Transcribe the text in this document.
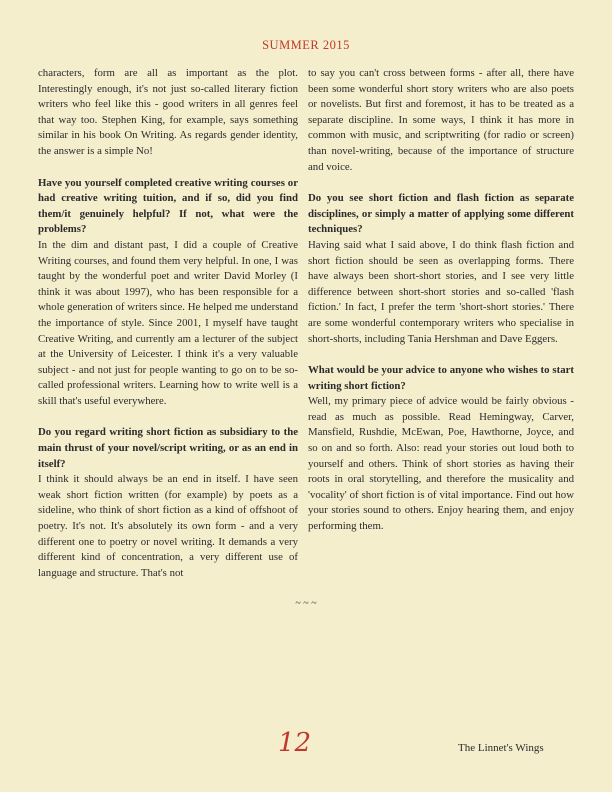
SUMMER 2015

characters, form are all as important as the plot. Interestingly enough, it's not just so-called literary fiction writers who feel like this - good writers in all genres feel that way too. Stephen King, for example, says something similar in his book On Writing. As regards gender identity, the answer is a simple No!

Have you yourself completed creative writing courses or had creative writing tuition, and if so, did you find them/it genuinely helpful? If not, what were the problems?

In the dim and distant past, I did a couple of Creative Writing courses, and found them very helpful. In one, I was taught by the wonderful poet and writer David Morley (I think it was about 1997), who has been responsible for a whole generation of writers since. He helped me understand the importance of style. Since 2001, I myself have taught Creative Writing, and currently am a lecturer of the subject at the University of Leicester. I think it's a very valuable subject - and not just for people wanting to go on to be so-called professional writers. Learning how to write well is a skill that's useful everywhere.

Do you regard writing short fiction as subsidiary to the main thrust of your novel/script writing, or as an end in itself?

I think it should always be an end in itself. I have seen weak short fiction written (for example) by poets as a sideline, who think of short fiction as a kind of offshoot of poetry. It's not. It's absolutely its own form - and a very different one to poetry or novel writing. It demands a very different kind of concentration, a very different use of language and structure. That's not

to say you can't cross between forms - after all, there have been some wonderful short story writers who are also poets or novelists. But first and foremost, it has to be treated as a separate discipline. In some ways, I think it has more in common with music, and scriptwriting (for radio or screen) than novel-writing, because of the importance of structure and voice.

Do you see short fiction and flash fiction as separate disciplines, or simply a matter of applying some different techniques?

Having said what I said above, I do think flash fiction and short fiction should be seen as overlapping forms. There have always been short-short stories, and I see very little difference between short-short stories and so-called 'flash fiction.' In fact, I prefer the term 'short-short stories.' There are some wonderful contemporary writers who specialise in short-shorts, including Tania Hershman and Dave Eggers.

What would be your advice to anyone who wishes to start writing short fiction?

Well, my primary piece of advice would be fairly obvious - read as much as possible. Read Hemingway, Carver, Mansfield, Rushdie, McEwan, Poe, Hawthorne, Joyce, and so on and so forth. Also: read your stories out loud both to yourself and others. Think of short stories as having their roots in oral storytelling, and therefore the musicality and 'vocality' of short fiction is of vital importance. Find out how your stories sound to others. Enjoy hearing them, and enjoy performing them.

~ ~ ~
12	The Linnet's Wings
